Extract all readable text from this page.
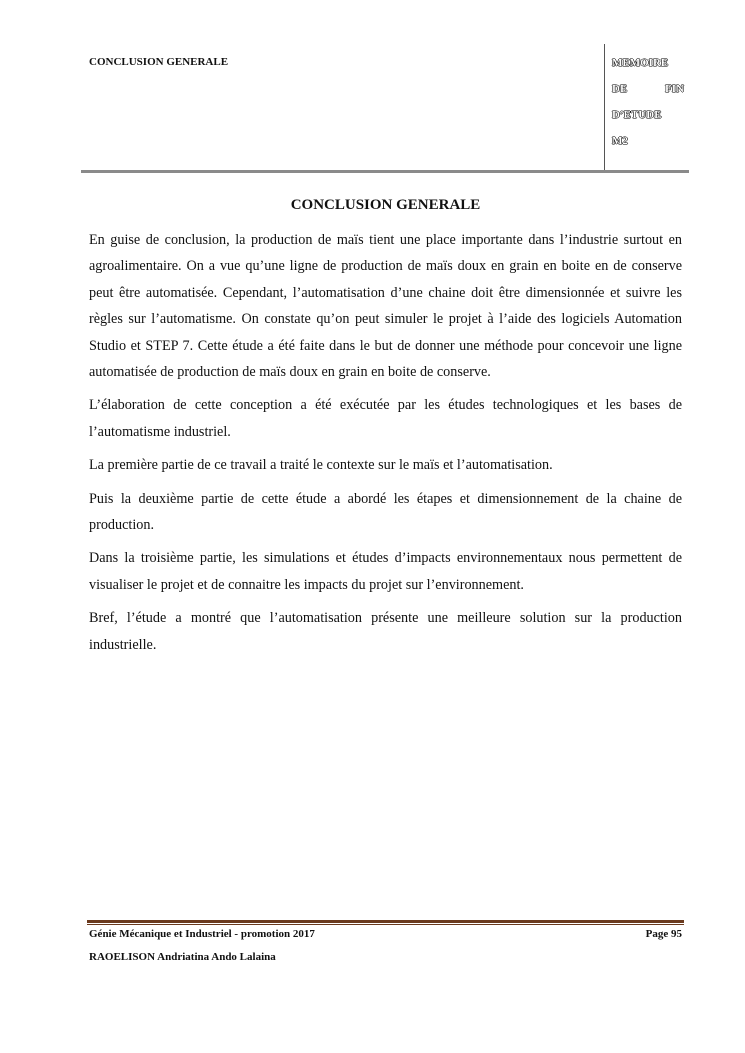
CONCLUSION GENERALE	MEMOIRE
DE	FIN
D’ETUDE
M2
CONCLUSION GENERALE

En guise de conclusion, la production de maïs tient une place importante dans l’industrie surtout en agroalimentaire. On a vue qu’une ligne de production de maïs doux en grain en boite en de conserve peut être automatisée. Cependant, l’automatisation d’une chaine doit être dimensionnée et suivre les règles sur l’automatisme. On constate qu’on peut simuler le projet à l’aide des logiciels Automation Studio et STEP 7. Cette étude a été faite dans le but de donner une méthode pour concevoir une ligne automatisée de production de maïs doux en grain en boite de conserve.

L’élaboration de cette conception a été exécutée par les études technologiques et les bases de l’automatisme industriel.

La première partie de ce travail a traité le contexte sur le maïs et l’automatisation.

Puis la deuxième partie de cette étude a abordé les étapes et dimensionnement de la chaine de production.

Dans la troisième partie, les simulations et études d’impacts environnementaux nous permettent de visualiser le projet et de connaitre les impacts du projet sur l’environnement.

Bref, l’étude a montré que l’automatisation présente une meilleure solution sur la production industrielle.

Génie Mécanique et Industriel - promotion 2017	Page 95
RAOELISON Andriatina Ando Lalaina
